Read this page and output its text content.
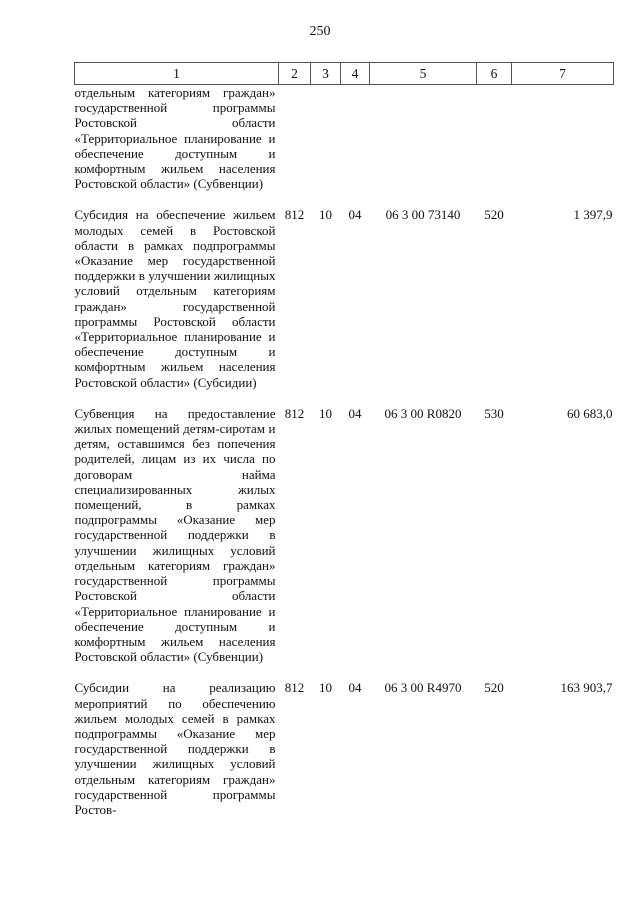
250
1	2	3	4	5	6	7
отдельным категориям граждан» государственной программы Ростовской области «Территориальное планирование и обеспечение доступным и комфортным жильем населения Ростовской области» (Субвенции)						
Субсидия на обеспечение жильем молодых семей в Ростовской области в рамках подпрограммы «Оказание мер государственной поддержки в улучшении жилищных условий отдельным категориям граждан» государственной программы Ростовской области «Территориальное планирование и обеспечение доступным и комфортным жильем населения Ростовской области» (Субсидии)	812	10	04	06 3 00 73140	520	1 397,9
Субвенция на предоставление жилых помещений детям-сиротам и детям, оставшимся без попечения родителей, лицам из их числа по договорам найма специализированных жилых помещений, в рамках подпрограммы «Оказание мер государственной поддержки в улучшении жилищных условий отдельным категориям граждан» государственной программы Ростовской области «Территориальное планирование и обеспечение доступным и комфортным жильем населения Ростовской области» (Субвенции)	812	10	04	06 3 00 R0820	530	60 683,0
Субсидии на реализацию мероприятий по обеспечению жильем молодых семей в рамках подпрограммы «Оказание мер государственной поддержки в улучшении жилищных условий отдельным категориям граждан» государственной программы Ростов-	812	10	04	06 3 00 R4970	520	163 903,7
